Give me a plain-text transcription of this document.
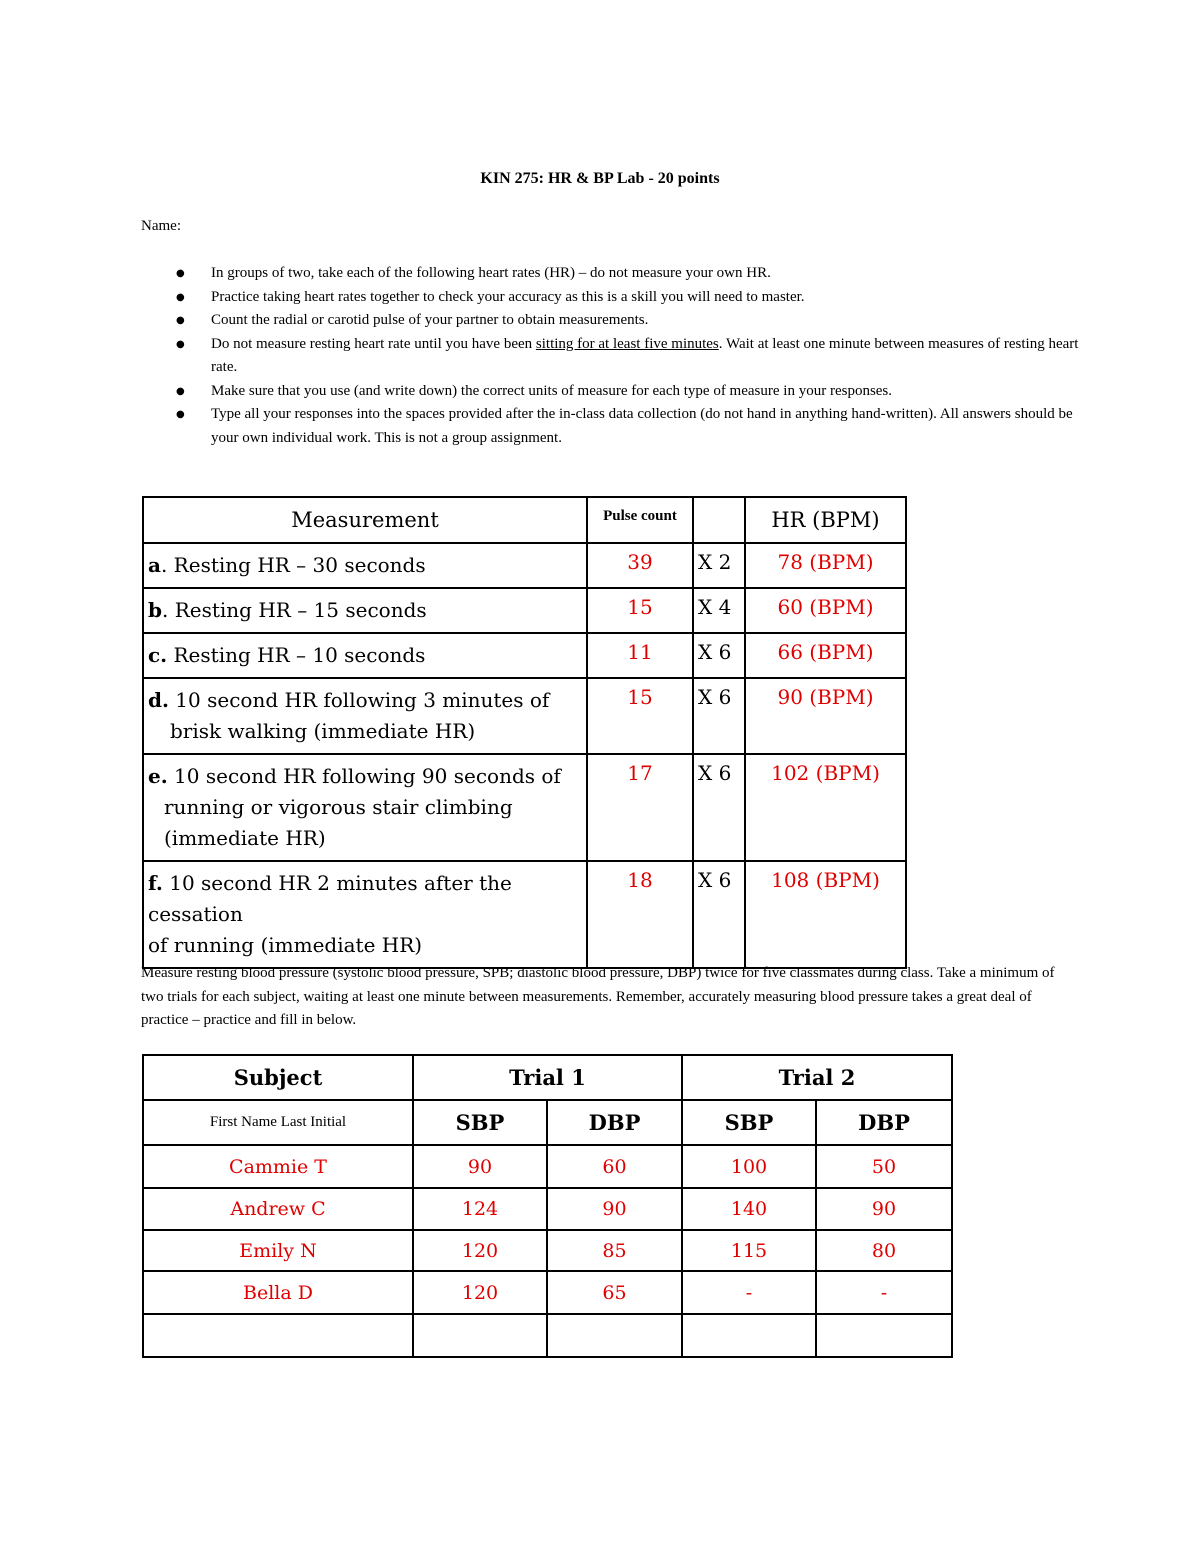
KIN 275: HR & BP Lab - 20 points
Name:
● In groups of two, take each of the following heart rates (HR) – do not measure your own HR.
● Practice taking heart rates together to check your accuracy as this is a skill you will need to master.
● Count the radial or carotid pulse of your partner to obtain measurements.
● Do not measure resting heart rate until you have been sitting for at least five minutes. Wait at least one minute between measures of resting heart rate.
● Make sure that you use (and write down) the correct units of measure for each type of measure in your responses.
● Type all your responses into the spaces provided after the in-class data collection (do not hand in anything hand-written). All answers should be your own individual work. This is not a group assignment.
Measurement	Pulse count		HR (BPM)
a. Resting HR – 30 seconds	39	X 2	78 (BPM)
b. Resting HR – 15 seconds	15	X 4	60 (BPM)
c. Resting HR – 10 seconds	11	X 6	66 (BPM)
d. 10 second HR following 3 minutes of
brisk walking (immediate HR)	15	X 6	90 (BPM)
e. 10 second HR following 90 seconds of
running or vigorous stair climbing
(immediate HR)	17	X 6	102 (BPM)
f. 10 second HR 2 minutes after the cessation
of running (immediate HR)	18	X 6	108 (BPM)
Measure resting blood pressure (systolic blood pressure, SPB; diastolic blood pressure, DBP) twice for five classmates during class. Take a minimum of two trials for each subject, waiting at least one minute between measurements. Remember, accurately measuring blood pressure takes a great deal of practice – practice and fill in below.
Subject	Trial 1		Trial 2	
First Name Last Initial	SBP	DBP	SBP	DBP
Cammie T	90	60	100	50
Andrew C	124	90	140	90
Emily N	120	85	115	80
Bella D	120	65	-	-
